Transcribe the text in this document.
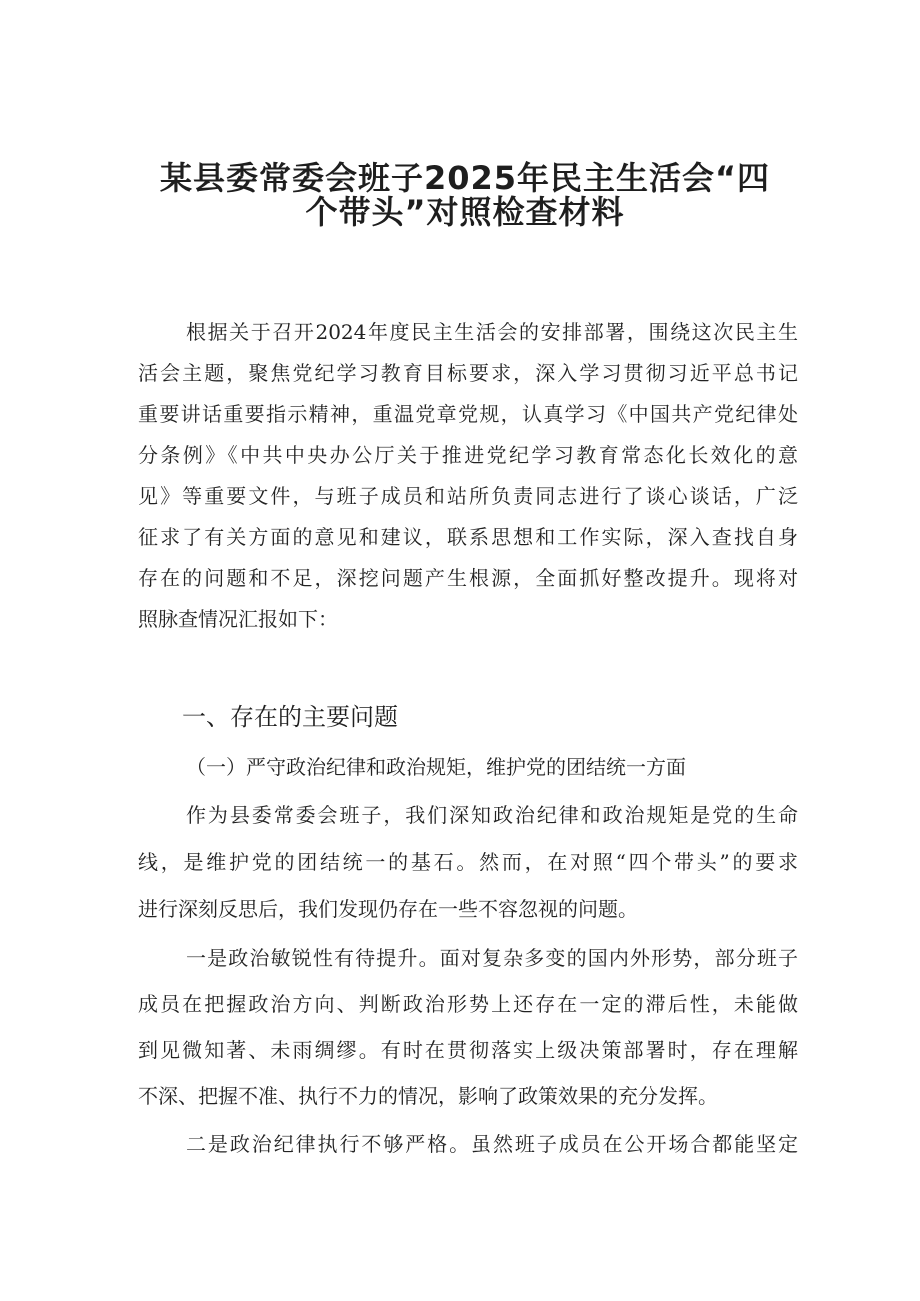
某县委常委会班子2025年民主生活会“四
个带头”对照检查材料
根据关于召开2024年度民主生活会的安排部署，围绕这次民主生
活会主题，聚焦党纪学习教育目标要求，深入学习贯彻习近平总书记
重要讲话重要指示精神，重温党章党规，认真学习《中国共产党纪律处
分条例》《中共中央办公厅关于推进党纪学习教育常态化长效化的意
见》等重要文件，与班子成员和站所负责同志进行了谈心谈话，广泛
征求了有关方面的意见和建议，联系思想和工作实际，深入查找自身
存在的问题和不足，深挖问题产生根源，全面抓好整改提升。现将对
照脉查情况汇报如下：
（一）严守政治纪律和政治规矩，维护党的团结统一方面
作为县委常委会班子，我们深知政治纪律和政治规矩是党的生命
线，是维护党的团结统一的基石。然而，在对照“四个带头”的要求
进行深刻反思后，我们发现仍存在一些不容忽视的问题。
一是政治敏锐性有待提升。面对复杂多变的国内外形势，部分班子
成员在把握政治方向、判断政治形势上还存在一定的滞后性，未能做
到见微知著、未雨绸缪。有时在贯彻落实上级决策部署时，存在理解
不深、把握不准、执行不力的情况，影响了政策效果的充分发挥。
二是政治纪律执行不够严格。虽然班子成员在公开场合都能坚定
一、存在的主要问题
